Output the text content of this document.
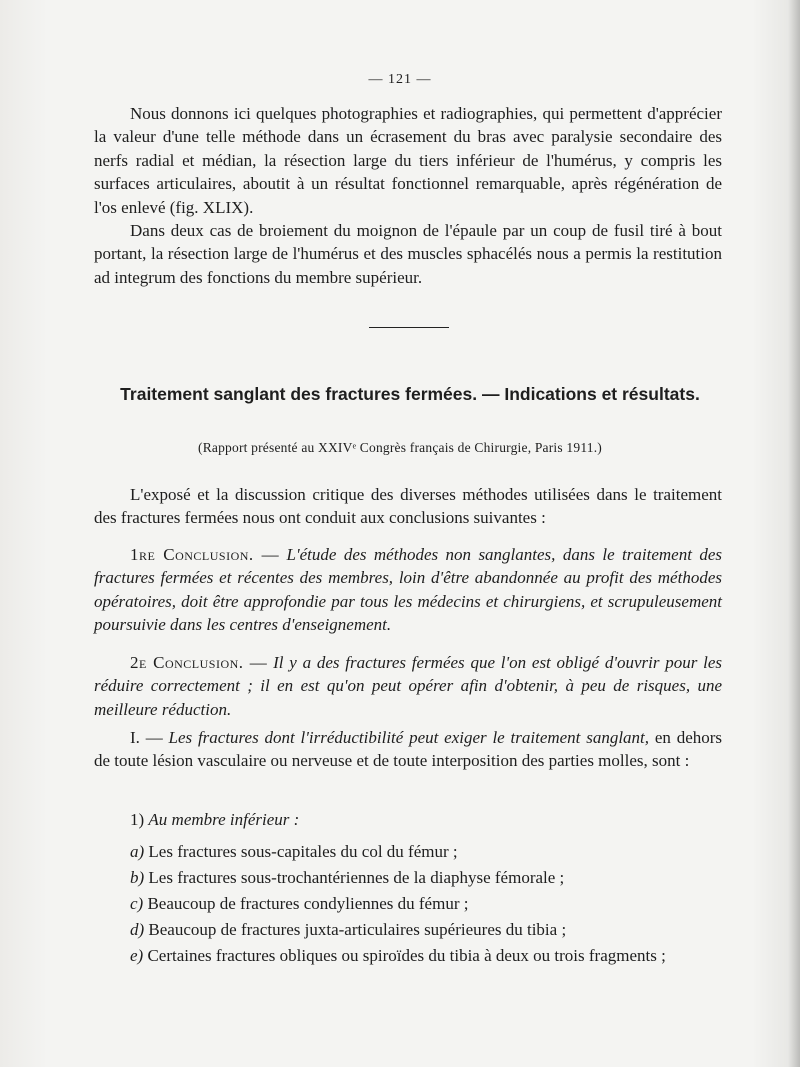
— 121 —

Nous donnons ici quelques photographies et radiographies, qui permettent d'apprécier la valeur d'une telle méthode dans un écrasement du bras avec paralysie secondaire des nerfs radial et médian, la résection large du tiers inférieur de l'humérus, y compris les surfaces articulaires, aboutit à un résultat fonctionnel remarquable, après régénération de l'os enlevé (fig. XLIX).

Dans deux cas de broiement du moignon de l'épaule par un coup de fusil tiré à bout portant, la résection large de l'humérus et des muscles sphacélés nous a permis la restitution ad integrum des fonctions du membre supérieur.

Traitement sanglant des fractures fermées. — Indications et résultats.
(Rapport présenté au XXIVᵉ Congrès français de Chirurgie, Paris 1911.)

L'exposé et la discussion critique des diverses méthodes utilisées dans le traitement des fractures fermées nous ont conduit aux conclusions suivantes :

1re Conclusion. — L'étude des méthodes non sanglantes, dans le traitement des fractures fermées et récentes des membres, loin d'être abandonnée au profit des méthodes opératoires, doit être approfondie par tous les médecins et chirurgiens, et scrupuleusement poursuivie dans les centres d'enseignement.

2e Conclusion. — Il y a des fractures fermées que l'on est obligé d'ouvrir pour les réduire correctement ; il en est qu'on peut opérer afin d'obtenir, à peu de risques, une meilleure réduction.

I. — Les fractures dont l'irréductibilité peut exiger le traitement sanglant, en dehors de toute lésion vasculaire ou nerveuse et de toute interposition des parties molles, sont :

1) Au membre inférieur :

a) Les fractures sous-capitales du col du fémur ;

b) Les fractures sous-trochantériennes de la diaphyse fémorale ;

c) Beaucoup de fractures condyliennes du fémur ;

d) Beaucoup de fractures juxta-articulaires supérieures du tibia ;

e) Certaines fractures obliques ou spiroïdes du tibia à deux ou trois fragments ;
